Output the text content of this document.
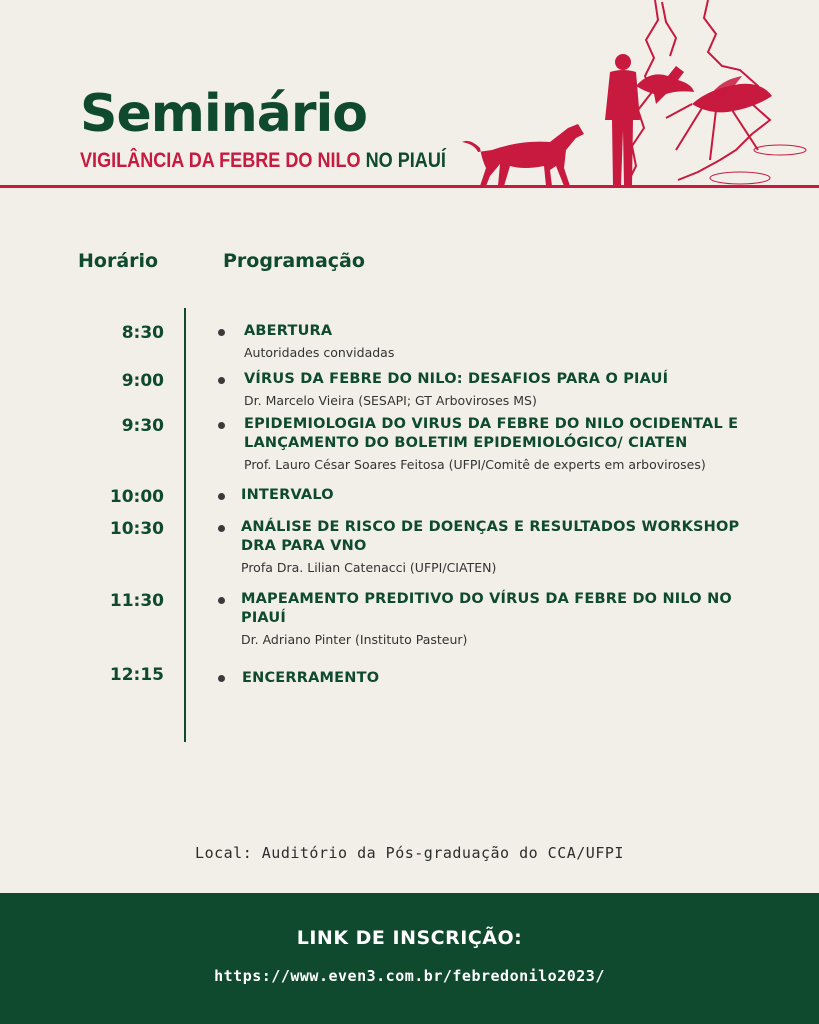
Seminário
VIGILÂNCIA DA FEBRE DO NILO NO PIAUÍ
Horário	Programação
8:30	ABERTURA
Autoridades convidadas
9:00	VÍRUS DA FEBRE DO NILO: DESAFIOS PARA O PIAUÍ
Dr. Marcelo Vieira (SESAPI; GT Arboviroses MS)
9:30	EPIDEMIOLOGIA DO VIRUS DA FEBRE DO NILO OCIDENTAL E LANÇAMENTO DO BOLETIM EPIDEMIOLÓGICO/ CIATEN
Prof. Lauro César Soares Feitosa (UFPI/Comitê de experts em arboviroses)
10:00	INTERVALO
10:30	ANÁLISE DE RISCO DE DOENÇAS E RESULTADOS WORKSHOP DRA PARA VNO
Profa Dra. Lilian Catenacci (UFPI/CIATEN)
11:30	MAPEAMENTO PREDITIVO DO VÍRUS DA FEBRE DO NILO NO PIAUÍ
Dr. Adriano Pinter (Instituto Pasteur)
12:15	ENCERRAMENTO
Local: Auditório da Pós-graduação do CCA/UFPI
LINK DE INSCRIÇÃO:
https://www.even3.com.br/febredonilo2023/
